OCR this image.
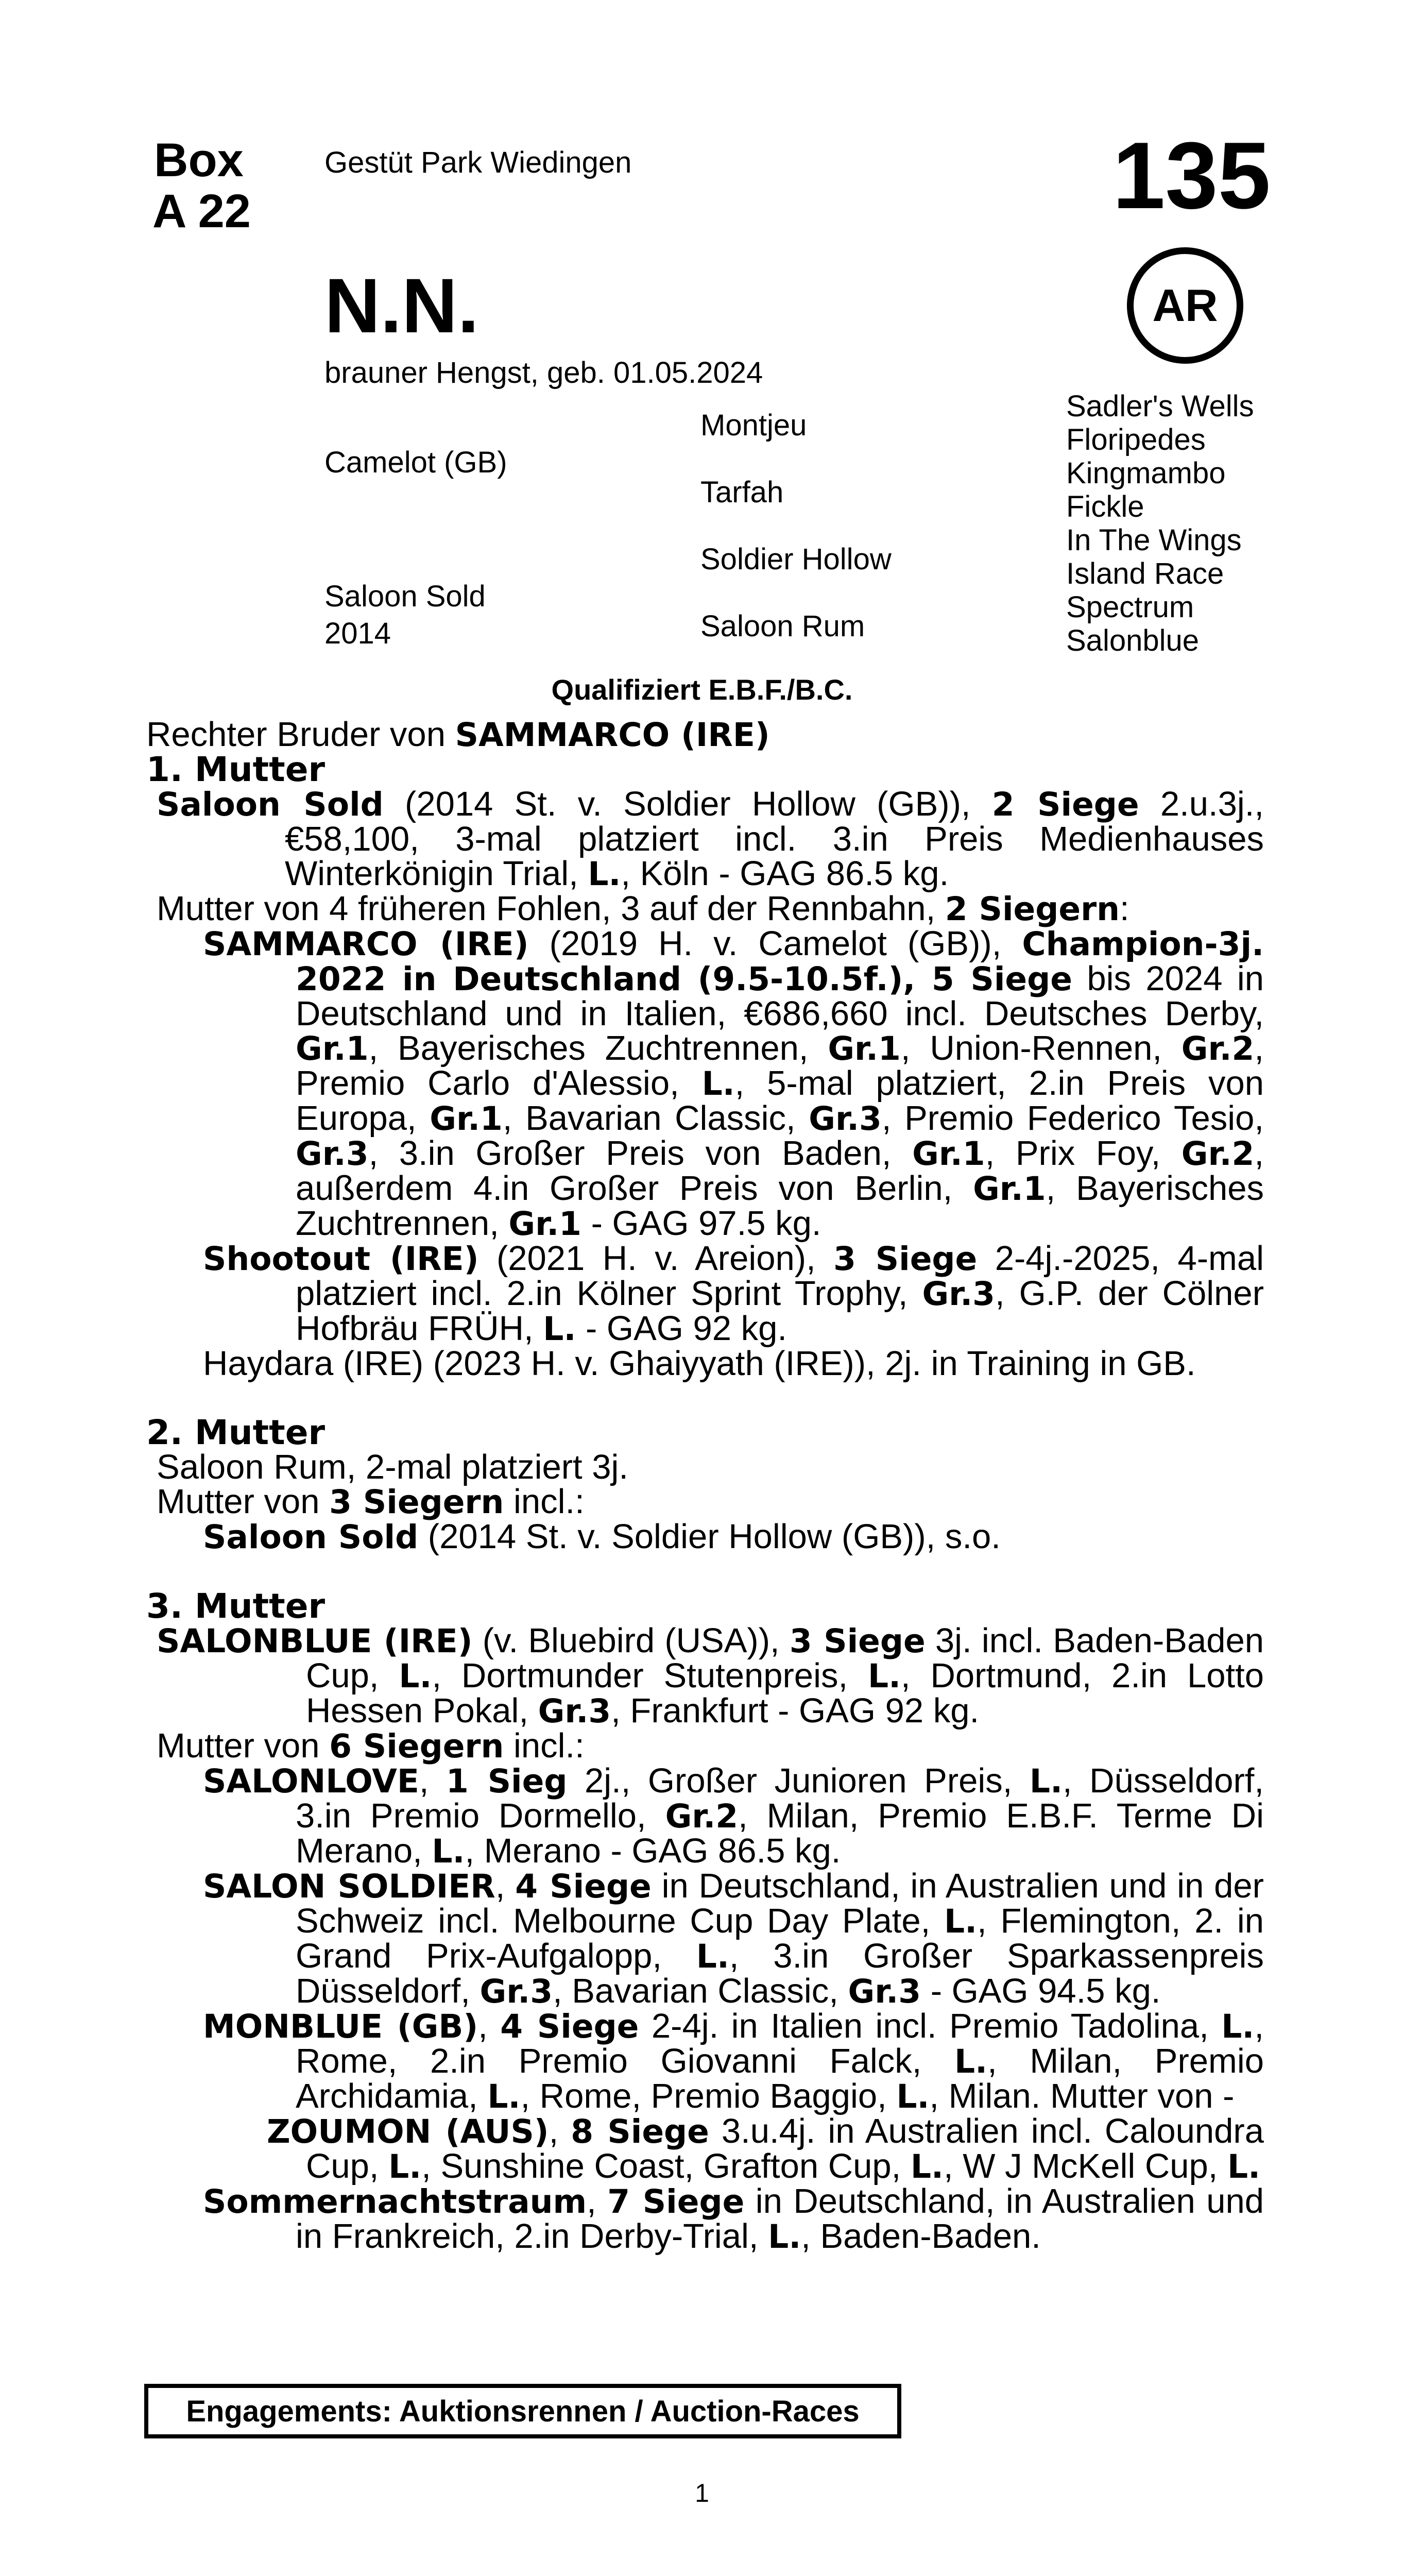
Box
A 22
Gestüt Park Wiedingen	135
N.N.	AR
brauner Hengst, geb. 01.05.2024
Camelot (GB)
Saloon Sold
2014
Montjeu
Tarfah
Soldier Hollow
Saloon Rum
Sadler's Wells
Floripedes
Kingmambo
Fickle
In The Wings
Island Race
Spectrum
Salonblue
Qualifiziert E.B.F./B.C.
Rechter Bruder von SAMMARCO (IRE)
1. Mutter
Saloon Sold (2014 St. v. Soldier Hollow (GB)), 2 Siege 2.u.3j., €58,100, 3-mal platziert incl. 3.in Preis Medienhauses Winterkönigin Trial, L., Köln - GAG 86.5 kg.
Mutter von 4 früheren Fohlen, 3 auf der Rennbahn, 2 Siegern:
SAMMARCO (IRE) (2019 H. v. Camelot (GB)), Champion-3j. 2022 in Deutschland (9.5-10.5f.), 5 Siege bis 2024 in Deutschland und in Italien, €686,660 incl. Deutsches Derby, Gr.1, Bayerisches Zuchtrennen, Gr.1, Union-Rennen, Gr.2, Premio Carlo d'Alessio, L., 5-mal platziert, 2.in Preis von Europa, Gr.1, Bavarian Classic, Gr.3, Premio Federico Tesio, Gr.3, 3.in Großer Preis von Baden, Gr.1, Prix Foy, Gr.2, außerdem 4.in Großer Preis von Berlin, Gr.1, Bayerisches Zuchtrennen, Gr.1 - GAG 97.5 kg.
Shootout (IRE) (2021 H. v. Areion), 3 Siege 2-4j.-2025, 4-mal platziert incl. 2.in Kölner Sprint Trophy, Gr.3, G.P. der Cölner Hofbräu FRÜH, L. - GAG 92 kg.
Haydara (IRE) (2023 H. v. Ghaiyyath (IRE)), 2j. in Training in GB.
2. Mutter
Saloon Rum, 2-mal platziert 3j.
Mutter von 3 Siegern incl.:
Saloon Sold (2014 St. v. Soldier Hollow (GB)), s.o.
3. Mutter
SALONBLUE (IRE) (v. Bluebird (USA)), 3 Siege 3j. incl. Baden-Baden Cup, L., Dortmunder Stutenpreis, L., Dortmund, 2.in Lotto Hessen Pokal, Gr.3, Frankfurt - GAG 92 kg.
Mutter von 6 Siegern incl.:
SALONLOVE, 1 Sieg 2j., Großer Junioren Preis, L., Düsseldorf, 3.in Premio Dormello, Gr.2, Milan, Premio E.B.F. Terme Di Merano, L., Merano - GAG 86.5 kg.
SALON SOLDIER, 4 Siege in Deutschland, in Australien und in der Schweiz incl. Melbourne Cup Day Plate, L., Flemington, 2. in Grand Prix-Aufgalopp, L., 3.in Großer Sparkassenpreis Düsseldorf, Gr.3, Bavarian Classic, Gr.3 - GAG 94.5 kg.
MONBLUE (GB), 4 Siege 2-4j. in Italien incl. Premio Tadolina, L., Rome, 2.in Premio Giovanni Falck, L., Milan, Premio Archidamia, L., Rome, Premio Baggio, L., Milan. Mutter von -
ZOUMON (AUS), 8 Siege 3.u.4j. in Australien incl. Caloundra Cup, L., Sunshine Coast, Grafton Cup, L., W J McKell Cup, L.
Sommernachtstraum, 7 Siege in Deutschland, in Australien und in Frankreich, 2.in Derby-Trial, L., Baden-Baden.
Engagements: Auktionsrennen / Auction-Races
1
